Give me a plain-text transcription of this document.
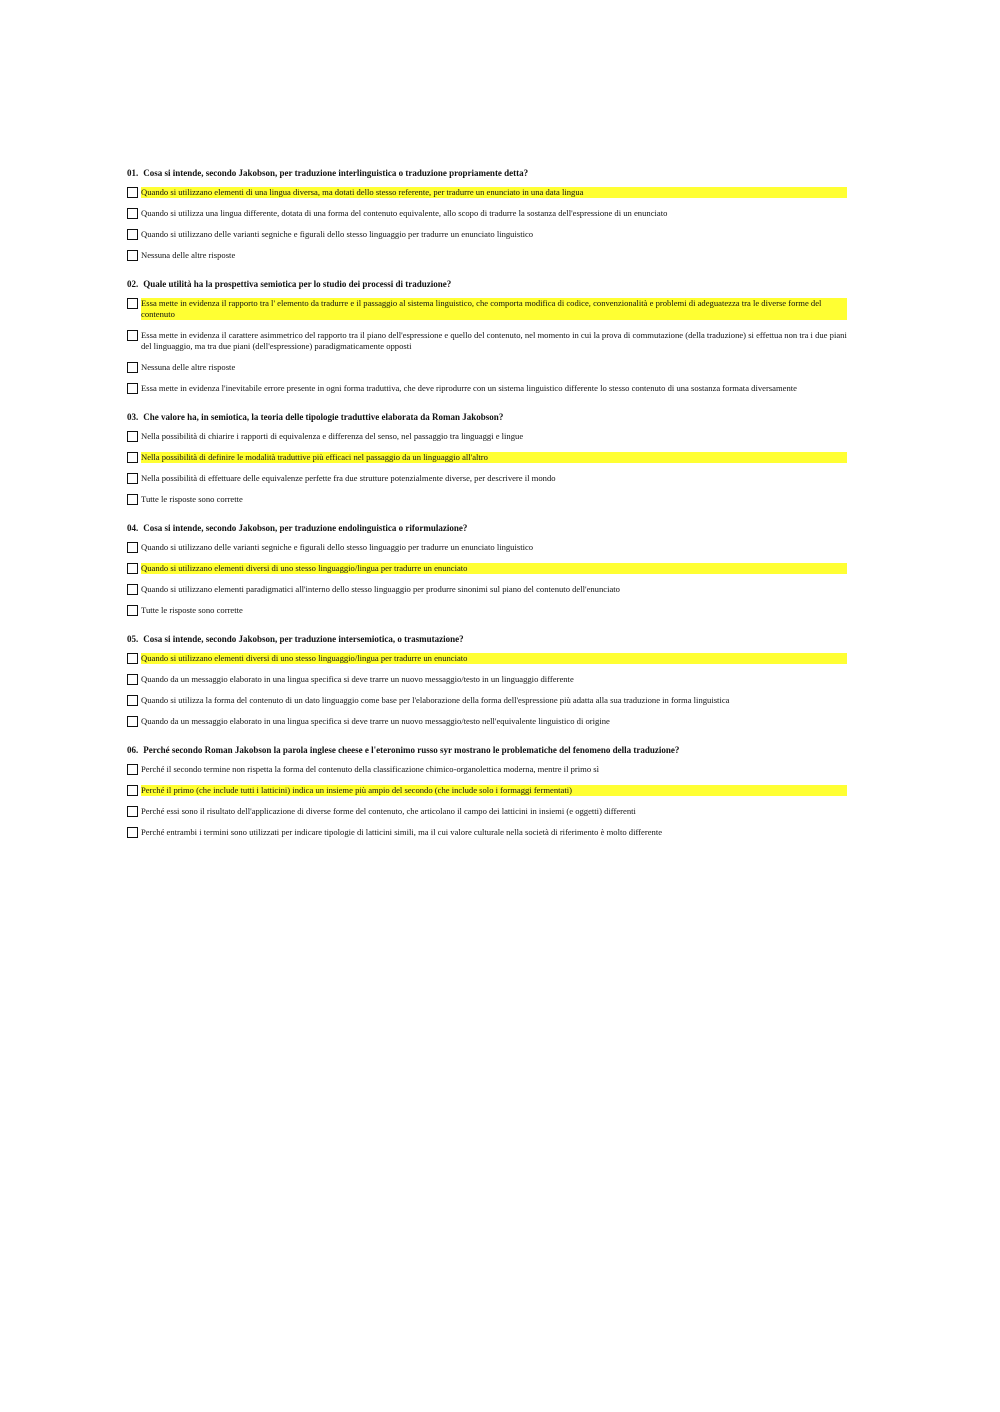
01. Cosa si intende, secondo Jakobson, per traduzione interlinguistica o traduzione propriamente detta?
Quando si utilizzano elementi di una lingua diversa, ma dotati dello stesso referente, per tradurre un enunciato in una data lingua
Quando si utilizza una lingua differente, dotata di una forma del contenuto equivalente, allo scopo di tradurre la sostanza dell'espressione di un enunciato
Quando si utilizzano delle varianti segniche e figurali dello stesso linguaggio per tradurre un enunciato linguistico
Nessuna delle altre risposte
02. Quale utilità ha la prospettiva semiotica per lo studio dei processi di traduzione?
Essa mette in evidenza il rapporto tra l' elemento da tradurre e il passaggio al sistema linguistico, che comporta modifica di codice, convenzionalità e problemi di adeguatezza tra le diverse forme del contenuto
Essa mette in evidenza il carattere asimmetrico del rapporto tra il piano dell'espressione e quello del contenuto, nel momento in cui la prova di commutazione (della traduzione) si effettua non tra i due piani del linguaggio, ma tra due piani (dell'espressione) paradigmaticamente opposti
Nessuna delle altre risposte
Essa mette in evidenza l'inevitabile errore presente in ogni forma traduttiva, che deve riprodurre con un sistema linguistico differente lo stesso contenuto di una sostanza formata diversamente
03. Che valore ha, in semiotica, la teoria delle tipologie traduttive elaborata da Roman Jakobson?
Nella possibilità di chiarire i rapporti di equivalenza e differenza del senso, nel passaggio tra linguaggi e lingue
Nella possibilità di definire le modalità traduttive più efficaci nel passaggio da un linguaggio all'altro
Nella possibilità di effettuare delle equivalenze perfette fra due strutture potenzialmente diverse, per descrivere il mondo
Tutte le risposte sono corrette
04. Cosa si intende, secondo Jakobson, per traduzione endolinguistica o riformulazione?
Quando si utilizzano delle varianti segniche e figurali dello stesso linguaggio per tradurre un enunciato linguistico
Quando si utilizzano elementi diversi di uno stesso linguaggio/lingua per tradurre un enunciato
Quando si utilizzano elementi paradigmatici all'interno dello stesso linguaggio per produrre sinonimi sul piano del contenuto dell'enunciato
Tutte le risposte sono corrette
05. Cosa si intende, secondo Jakobson, per traduzione intersemiotica, o trasmutazione?
Quando si utilizzano elementi diversi di uno stesso linguaggio/lingua per tradurre un enunciato
Quando da un messaggio elaborato in una lingua specifica si deve trarre un nuovo messaggio/testo in un linguaggio differente
Quando si utilizza la forma del contenuto di un dato linguaggio come base per l'elaborazione della forma dell'espressione più adatta alla sua traduzione in forma linguistica
Quando da un messaggio elaborato in una lingua specifica si deve trarre un nuovo messaggio/testo nell'equivalente linguistico di origine
06. Perché secondo Roman Jakobson la parola inglese cheese e l'eteronimo russo syr mostrano le problematiche del fenomeno della traduzione?
Perché il secondo termine non rispetta la forma del contenuto della classificazione chimico-organolettica moderna, mentre il primo sì
Perché il primo (che include tutti i latticini) indica un insieme più ampio del secondo (che include solo i formaggi fermentati)
Perché essi sono il risultato dell'applicazione di diverse forme del contenuto, che articolano il campo dei latticini in insiemi (e oggetti) differenti
Perché entrambi i termini sono utilizzati per indicare tipologie di latticini simili, ma il cui valore culturale nella società di riferimento è molto differente
